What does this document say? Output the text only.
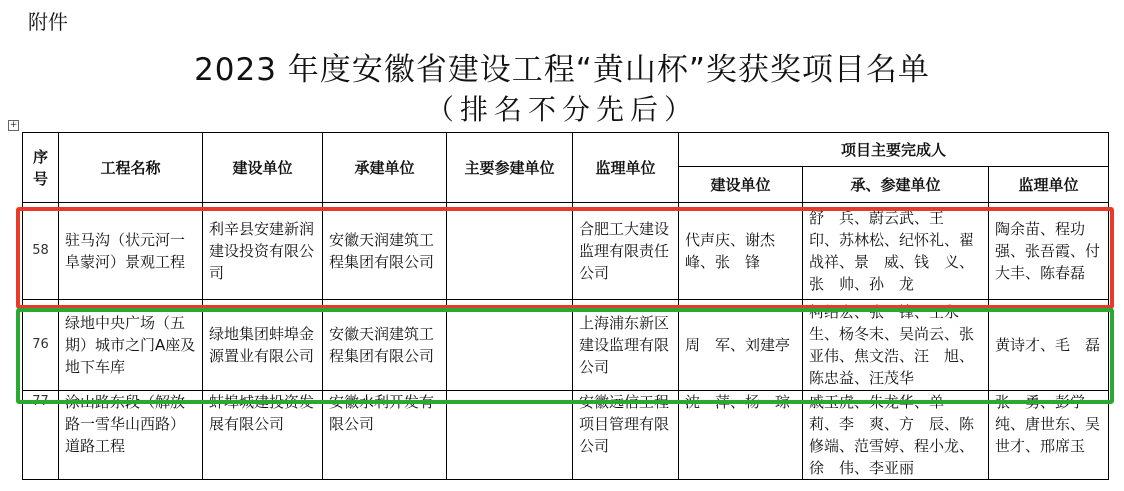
附件
2023 年度安徽省建设工程“黄山杯”奖获奖项目名单
（排名不分先后）
+
序号	工程名称	建设单位	承建单位	主要参建单位	监理单位	项目主要完成人		
						建设单位	承、参建单位	监理单位
58	驻马沟（状元河一阜蒙河）景观工程	利辛县安建新润建设投资有限公司	安徽天润建筑工程集团有限公司		合肥工大建设监理有限责任公司	代声庆、谢杰峰、张　锋	舒　兵、蔚云武、王　印、苏林松、纪怀礼、翟战祥、景　威、钱　义、张　帅、孙　龙	陶余苗、程功强、张吾霞、付大丰、陈春磊
76	绿地中央广场（五期）城市之门A座及地下车库	绿地集团蚌埠金源置业有限公司	安徽天润建筑工程集团有限公司		上海浦东新区建设监理有限公司	周　军、刘建亭	柯绍宏、张　锋、王永生、杨冬末、吴尚云、张亚伟、焦文浩、汪　旭、陈忠益、汪茂华	黄诗才、毛　磊
77	涂山路东段（解放路一雪华山西路）道路工程	蚌埠城建投资发展有限公司	安徽水利开发有限公司		安徽远信工程项目管理有限公司	沈　萍、杨　琮	戚玉虎、朱龙华、单　莉、李　爽、方　辰、陈修端、范雪婷、程小龙、徐　伟、李亚丽	张　勇、彭学纯、唐世东、吴世才、邢席玉
